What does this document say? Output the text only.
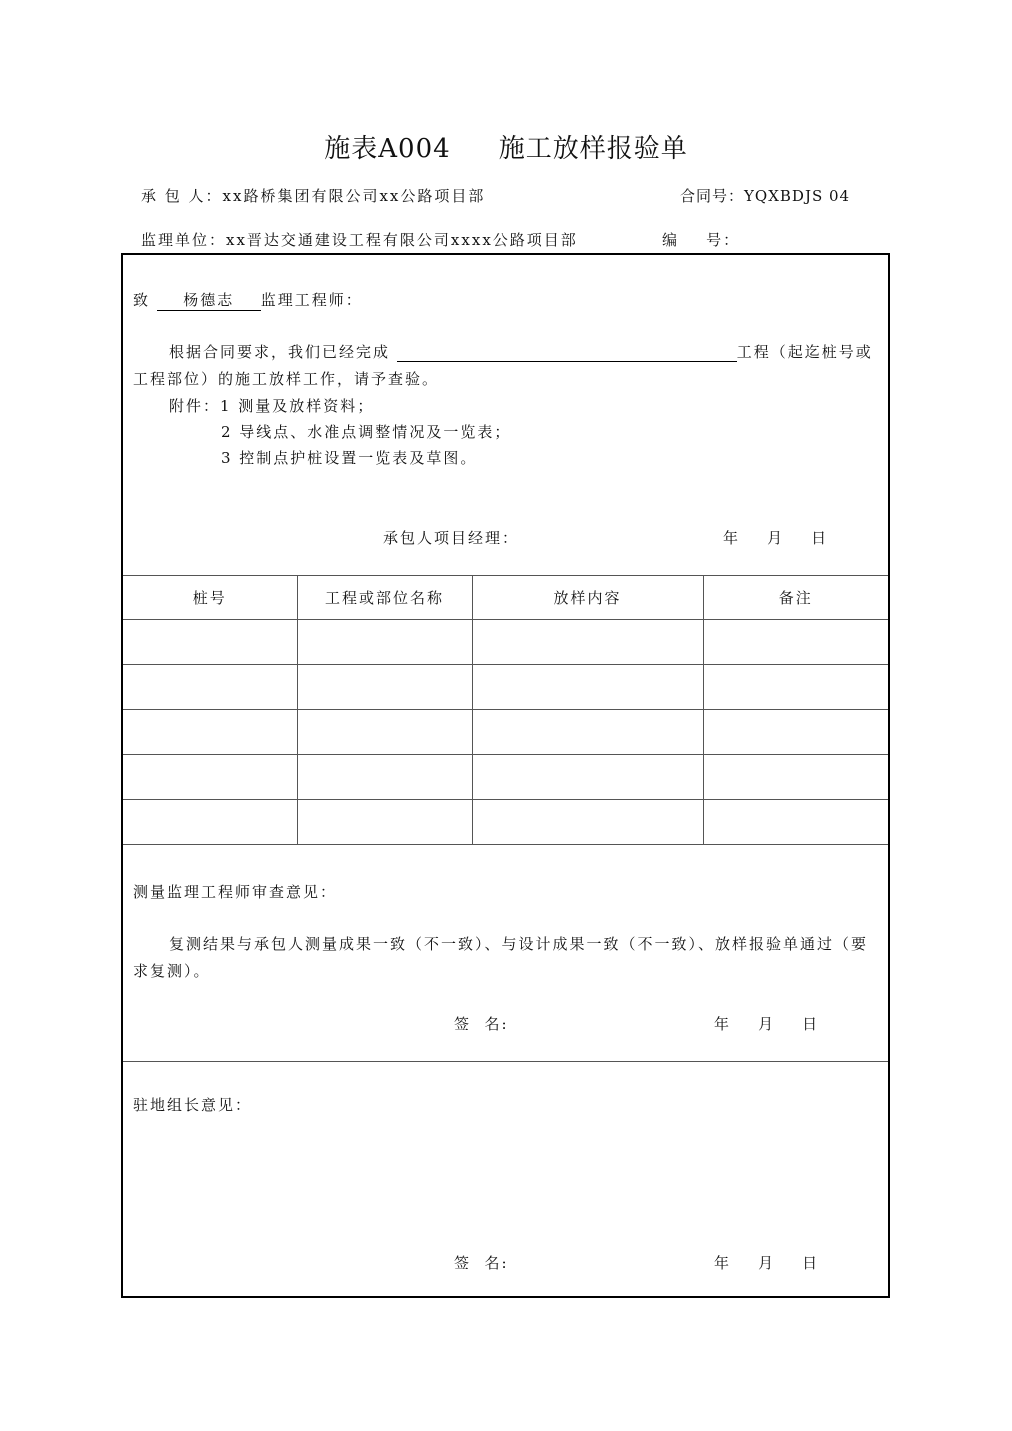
施表A004 施工放样报验单
承 包 人：xx路桥集团有限公司xx公路项目部	合同号：YQXBDJS 04
监理单位：xx晋达交通建设工程有限公司xxxx公路项目部	编    号：
致 杨德志 监理工程师：
根据合同要求，我们已经完成	工程（起迄桩号或
工程部位）的施工放样工作，请予查验。
附件：1 测量及放样资料；
2 导线点、水准点调整情况及一览表；
3 控制点护桩设置一览表及草图。
承包人项目经理：	年    月    日
桩号	工程或部位名称	放样内容	备注

测量监理工程师审查意见：
复测结果与承包人测量成果一致（不一致）、与设计成果一致（不一致）、放样报验单通过（要
求复测）。
签  名:	年    月    日
驻地组长意见：
签  名:	年    月    日
